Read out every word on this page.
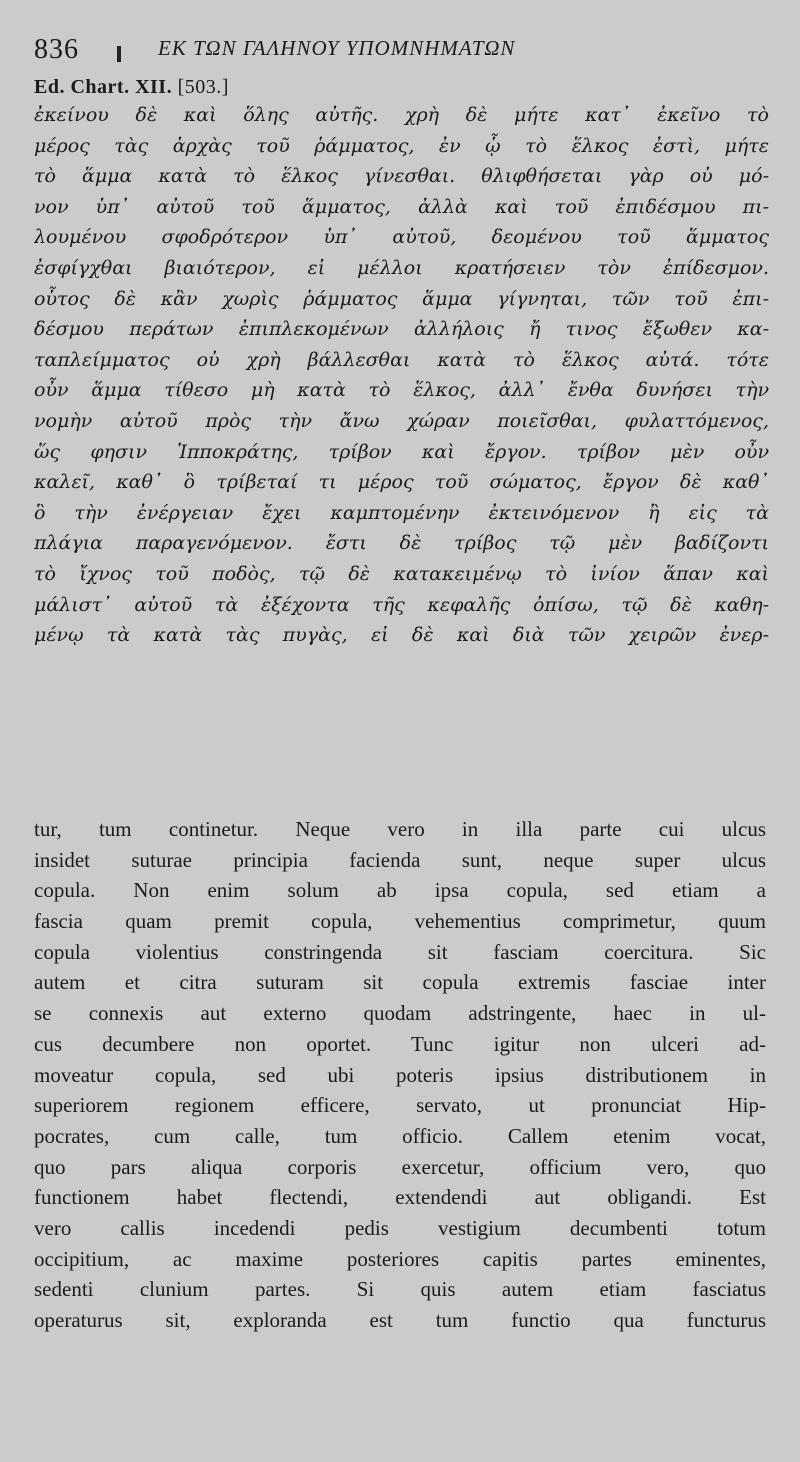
836	ΕΚ ΤΩΝ ΓΑΛΗΝΟΥ ΥΠΟΜΝΗΜΑΤΩΝ
Ed. Chart. XII. [503.]
ἐκείνου δὲ καὶ ὅλης αὐτῆς. χρὴ δὲ μήτε κατ᾿ ἐκεῖνο τὸ
μέρος τὰς ἀρχὰς τοῦ ῥάμματος, ἐν ᾧ τὸ ἕλκος ἐστὶ, μήτε
τὸ ἅμμα κατὰ τὸ ἕλκος γίνεσθαι. θλιφθήσεται γὰρ οὐ μό-
νον ὑπ᾿ αὐτοῦ τοῦ ἅμματος, ἀλλὰ καὶ τοῦ ἐπιδέσμου πι-
λουμένου σφοδρότερον ὑπ᾿ αὐτοῦ, δεομένου τοῦ ἅμματος
ἐσφίγχθαι βιαιότερον, εἰ μέλλοι κρατήσειεν τὸν ἐπίδεσμον.
οὗτος δὲ κἂν χωρὶς ῥάμματος ἅμμα γίγνηται, τῶν τοῦ ἐπι-
δέσμου περάτων ἐπιπλεκομένων ἀλλήλοις ἤ τινος ἔξωθεν κα-
ταπλείμματος οὐ χρὴ βάλλεσθαι κατὰ τὸ ἕλκος αὐτά. τότε
οὖν ἅμμα τίθεσο μὴ κατὰ τὸ ἕλκος, ἀλλ᾿ ἔνθα δυνήσει τὴν
νομὴν αὐτοῦ πρὸς τὴν ἄνω χώραν ποιεῖσθαι, φυλαττόμενος,
ὥς φησιν Ἱπποκράτης, τρίβον καὶ ἔργον. τρίβον μὲν οὖν
καλεῖ, καθ᾿ ὃ τρίβεταί τι μέρος τοῦ σώματος, ἔργον δὲ καθ᾿
ὃ τὴν ἐνέργειαν ἔχει καμπτομένην ἐκτεινόμενον ἢ εἰς τὰ
πλάγια παραγενόμενον. ἔστι δὲ τρίβος τῷ μὲν βαδίζοντι
τὸ ἴχνος τοῦ ποδὸς, τῷ δὲ κατακειμένῳ τὸ ἰνίον ἅπαν καὶ
μάλιστ᾿ αὐτοῦ τὰ ἐξέχοντα τῆς κεφαλῆς ὀπίσω, τῷ δὲ καθη-
μένῳ τὰ κατὰ τὰς πυγὰς, εἰ δὲ καὶ διὰ τῶν χειρῶν ἐνερ-
tur, tum continetur. Neque vero in illa parte cui ulcus
insidet suturae principia facienda sunt, neque super ulcus
copula. Non enim solum ab ipsa copula, sed etiam a
fascia quam premit copula, vehementius comprimetur, quum
copula violentius constringenda sit fasciam coercitura. Sic
autem et citra suturam sit copula extremis fasciae inter
se connexis aut externo quodam adstringente, haec in ul-
cus decumbere non oportet. Tunc igitur non ulceri ad-
moveatur copula, sed ubi poteris ipsius distributionem in
superiorem regionem efficere, servato, ut pronunciat Hip-
pocrates, cum calle, tum officio. Callem etenim vocat,
quo pars aliqua corporis exercetur, officium vero, quo
functionem habet flectendi, extendendi aut obligandi. Est
vero callis incedendi pedis vestigium decumbenti totum
occipitium, ac maxime posteriores capitis partes eminentes,
sedenti clunium partes. Si quis autem etiam fasciatus
operaturus sit, exploranda est tum functio qua functurus
